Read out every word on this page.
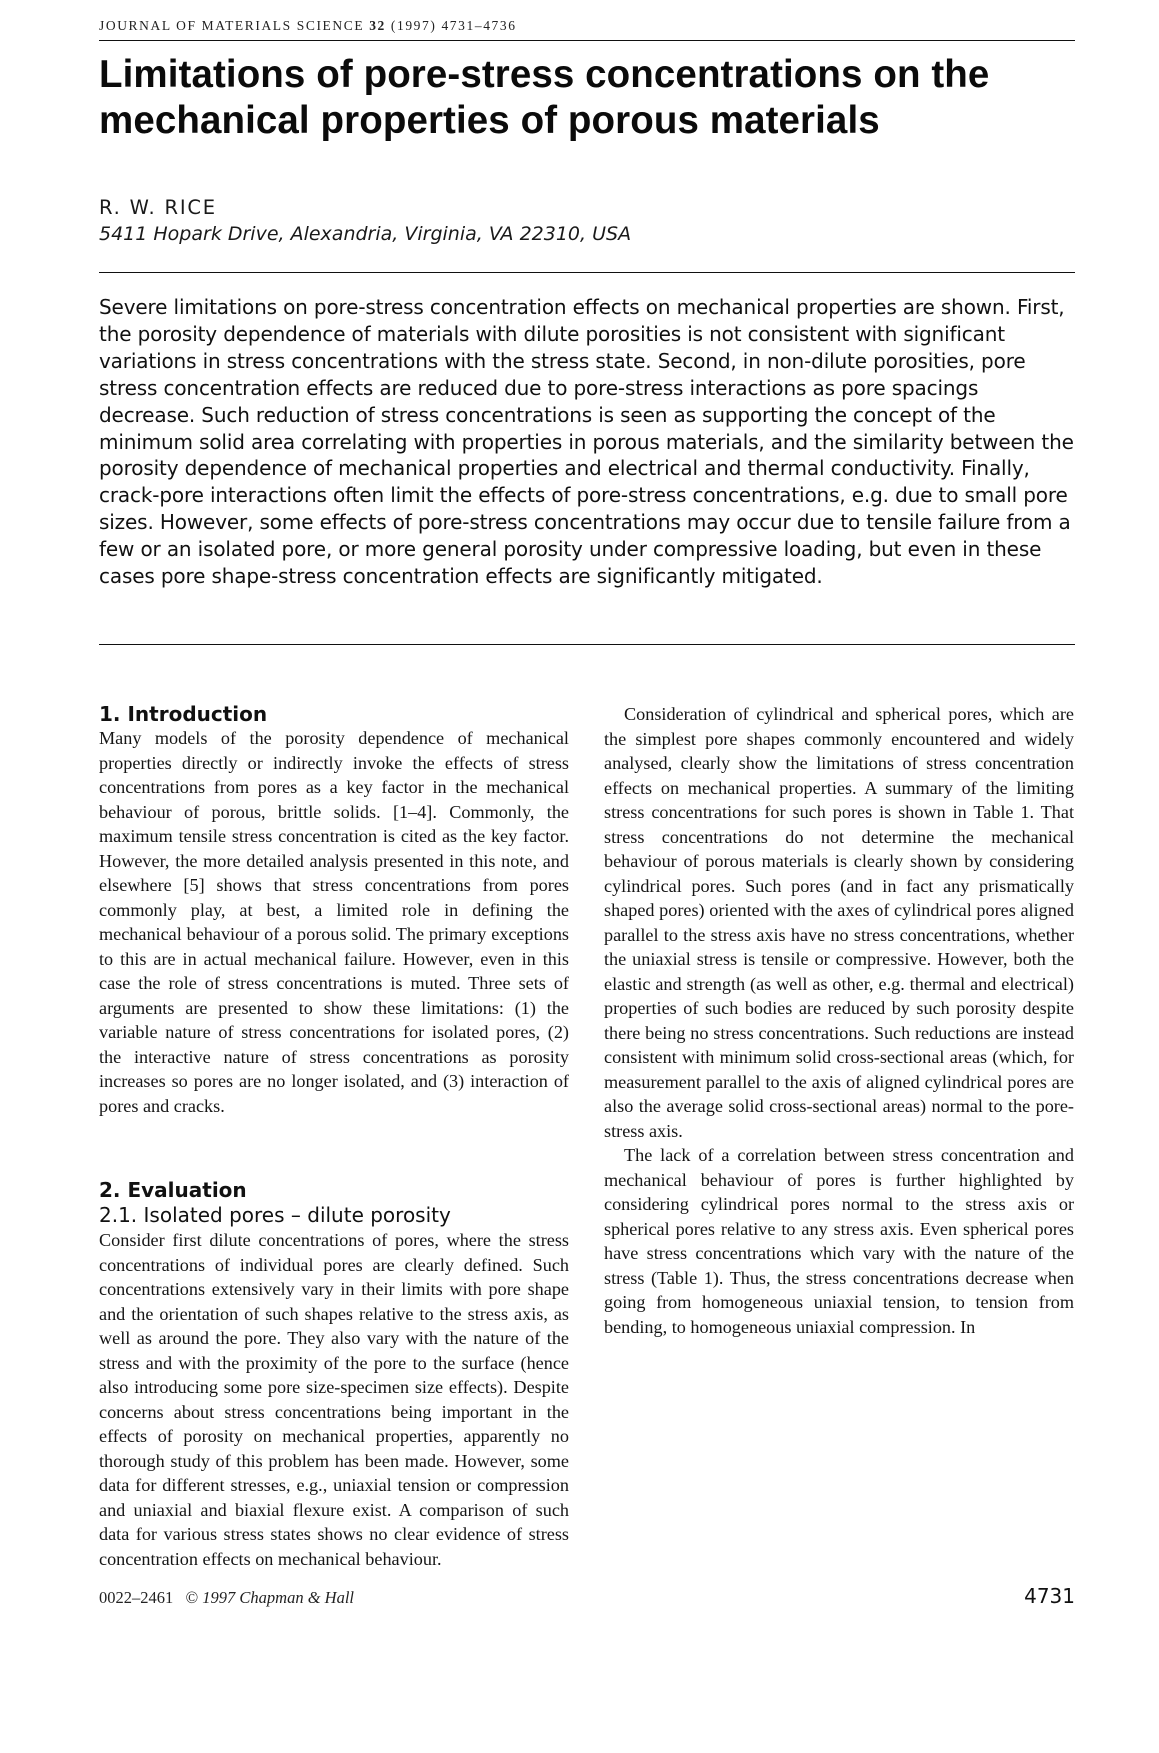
JOURNAL OF MATERIALS SCIENCE 32 (1997) 4731–4736
Limitations of pore-stress concentrations on the
mechanical properties of porous materials
R. W. RICE
5411 Hopark Drive, Alexandria, Virginia, VA 22310, USA

Severe limitations on pore-stress concentration effects on mechanical properties are shown. First, the porosity dependence of materials with dilute porosities is not consistent with significant variations in stress concentrations with the stress state. Second, in non-dilute porosities, pore stress concentration effects are reduced due to pore-stress interactions as pore spacings decrease. Such reduction of stress concentrations is seen as supporting the concept of the minimum solid area correlating with properties in porous materials, and the similarity between the porosity dependence of mechanical properties and electrical and thermal conductivity. Finally, crack-pore interactions often limit the effects of pore-stress concentrations, e.g. due to small pore sizes. However, some effects of pore-stress concentrations may occur due to tensile failure from a few or an isolated pore, or more general porosity under compressive loading, but even in these cases pore shape-stress concentration effects are significantly mitigated.

1. Introduction

Many models of the porosity dependence of mechanical properties directly or indirectly invoke the effects of stress concentrations from pores as a key factor in the mechanical behaviour of porous, brittle solids. [1–4]. Commonly, the maximum tensile stress concentration is cited as the key factor. However, the more detailed analysis presented in this note, and elsewhere [5] shows that stress concentrations from pores commonly play, at best, a limited role in defining the mechanical behaviour of a porous solid. The primary exceptions to this are in actual mechanical failure. However, even in this case the role of stress concentrations is muted. Three sets of arguments are presented to show these limitations: (1) the variable nature of stress concentrations for isolated pores, (2) the interactive nature of stress concentrations as porosity increases so pores are no longer isolated, and (3) interaction of pores and cracks.

2. Evaluation
2.1. Isolated pores – dilute porosity

Consider first dilute concentrations of pores, where the stress concentrations of individual pores are clearly defined. Such concentrations extensively vary in their limits with pore shape and the orientation of such shapes relative to the stress axis, as well as around the pore. They also vary with the nature of the stress and with the proximity of the pore to the surface (hence also introducing some pore size-specimen size effects). Despite concerns about stress concentrations being important in the effects of porosity on mechanical properties, apparently no thorough study of this problem has been made. However, some data for different stresses, e.g., uniaxial tension or compression and uniaxial and biaxial flexure exist. A comparison of such data for various stress states shows no clear evidence of stress concentration effects on mechanical behaviour.

0022–2461 © 1997 Chapman & Hall	4731

Consideration of cylindrical and spherical pores, which are the simplest pore shapes commonly encountered and widely analysed, clearly show the limitations of stress concentration effects on mechanical properties. A summary of the limiting stress concentrations for such pores is shown in Table 1. That stress concentrations do not determine the mechanical behaviour of porous materials is clearly shown by considering cylindrical pores. Such pores (and in fact any prismatically shaped pores) oriented with the axes of cylindrical pores aligned parallel to the stress axis have no stress concentrations, whether the uniaxial stress is tensile or compressive. However, both the elastic and strength (as well as other, e.g. thermal and electrical) properties of such bodies are reduced by such porosity despite there being no stress concentrations. Such reductions are instead consistent with minimum solid cross-sectional areas (which, for measurement parallel to the axis of aligned cylindrical pores are also the average solid cross-sectional areas) normal to the pore-stress axis.

The lack of a correlation between stress concentration and mechanical behaviour of pores is further highlighted by considering cylindrical pores normal to the stress axis or spherical pores relative to any stress axis. Even spherical pores have stress concentrations which vary with the nature of the stress (Table 1). Thus, the stress concentrations decrease when going from homogeneous uniaxial tension, to tension from bending, to homogeneous uniaxial compression. In
